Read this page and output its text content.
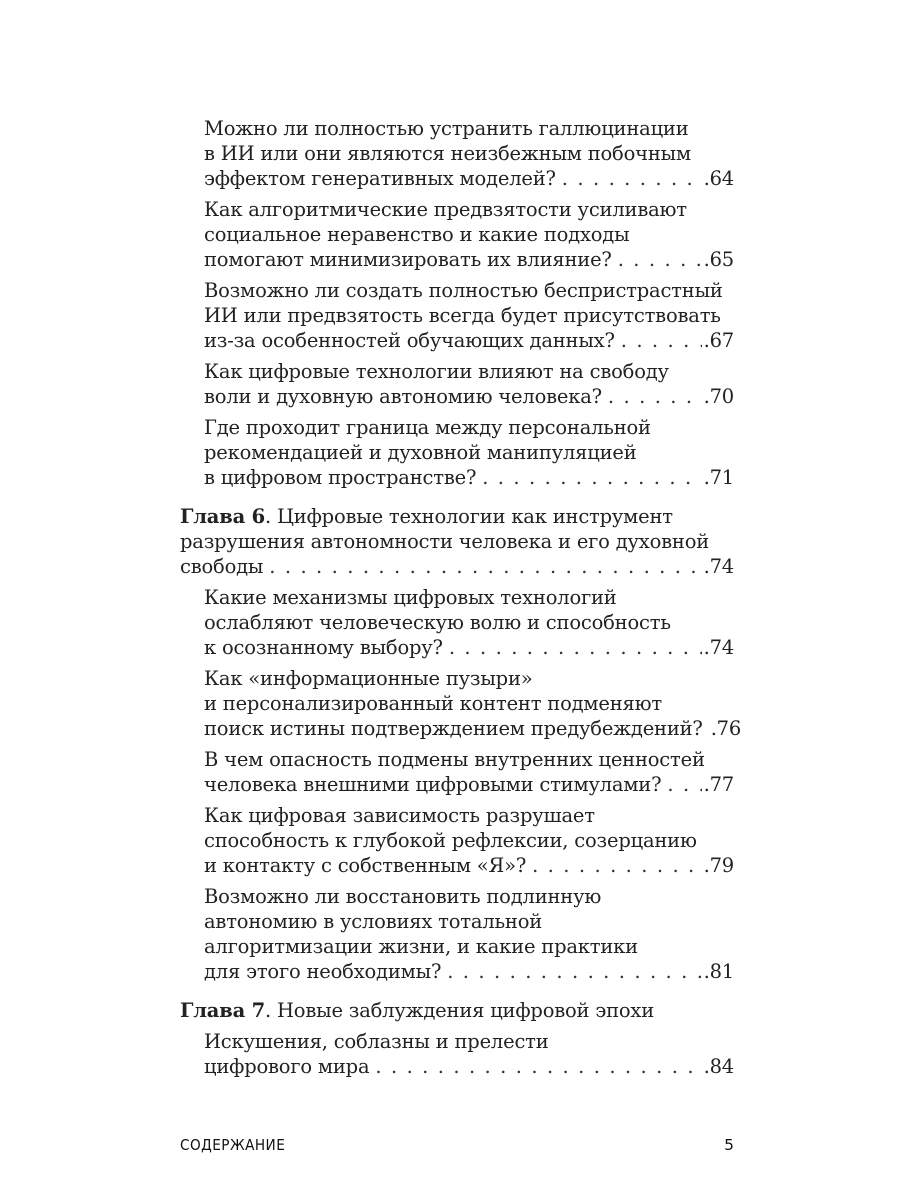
Можно ли полностью устранить галлюцинации
в ИИ или они являются неизбежным побочным
эффектом генеративных моделей? . . .	.64
Как алгоритмические предвзятости усиливают
социальное неравенство и какие подходы
помогают минимизировать их влияние? . . .	.65
Возможно ли создать полностью беспристрастный
ИИ или предвзятость всегда будет присутствовать
из-за особенностей обучающих данных? . . .	.67
Как цифровые технологии влияют на свободу
воли и духовную автономию человека? . . .	.70
Где проходит граница между персональной
рекомендацией и духовной манипуляцией
в цифровом пространстве? . . .	.71
Глава 6. Цифровые технологии как инструмент
разрушения автономности человека и его духовной
свободы . . .	.74
Какие механизмы цифровых технологий
ослабляют человеческую волю и способность
к осознанному выбору? . . .	.74
Как «информационные пузыри»
и персонализированный контент подменяют
поиск истины подтверждением предубеждений? .76
В чем опасность подмены внутренних ценностей
человека внешними цифровыми стимулами? . . . .77
Как цифровая зависимость разрушает
способность к глубокой рефлексии, созерцанию
и контакту с собственным «Я»? . . .	.79
Возможно ли восстановить подлинную
автономию в условиях тотальной
алгоритмизации жизни, и какие практики
для этого необходимы? . . .	.81
Глава 7. Новые заблуждения цифровой эпохи
Искушения, соблазны и прелести
цифрового мира . . .	.84
СОДЕРЖАНИЕ	5
